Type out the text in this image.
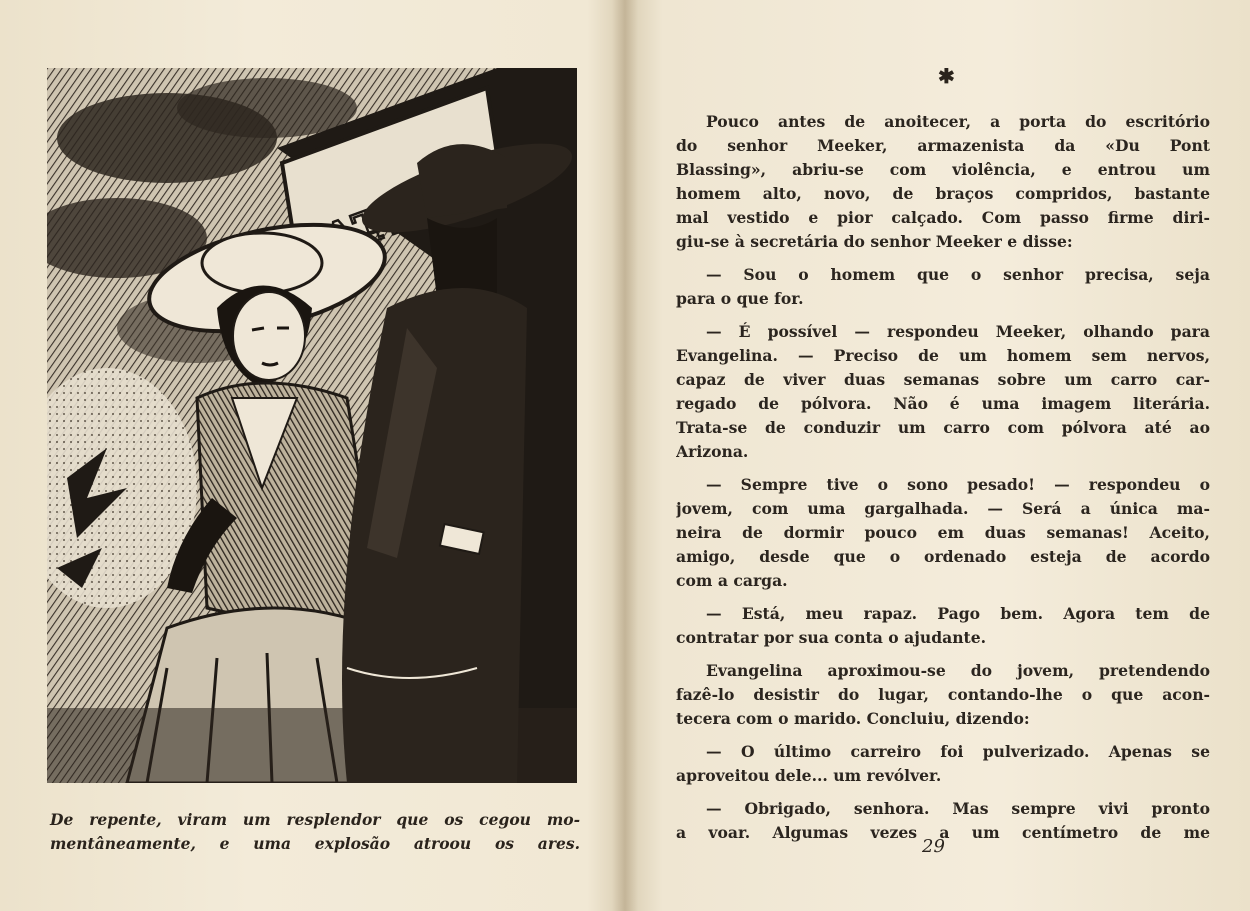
De repente, viram um resplendor que os cegou mo-
mentâneamente, e uma explosão atroou os ares.

✱
Pouco antes de anoitecer, a porta do escritório
do senhor Meeker, armazenista da «Du Pont
Blassing», abriu-se com violência, e entrou um
homem alto, novo, de braços compridos, bastante
mal vestido e pior calçado. Com passo firme diri-
giu-se à secretária do senhor Meeker e disse:
— Sou o homem que o senhor precisa, seja
para o que for.
— É possível — respondeu Meeker, olhando para
Evangelina. — Preciso de um homem sem nervos,
capaz de viver duas semanas sobre um carro car-
regado de pólvora. Não é uma imagem literária.
Trata-se de conduzir um carro com pólvora até ao
Arizona.
— Sempre tive o sono pesado! — respondeu o
jovem, com uma gargalhada. — Será a única ma-
neira de dormir pouco em duas semanas! Aceito,
amigo, desde que o ordenado esteja de acordo
com a carga.
— Está, meu rapaz. Pago bem. Agora tem de
contratar por sua conta o ajudante.
Evangelina aproximou-se do jovem, pretendendo
fazê-lo desistir do lugar, contando-lhe o que acon-
tecera com o marido. Concluiu, dizendo:
— O último carreiro foi pulverizado. Apenas se
aproveitou dele... um revólver.
— Obrigado, senhora. Mas sempre vivi pronto
a voar. Algumas vezes a um centímetro de me
29
